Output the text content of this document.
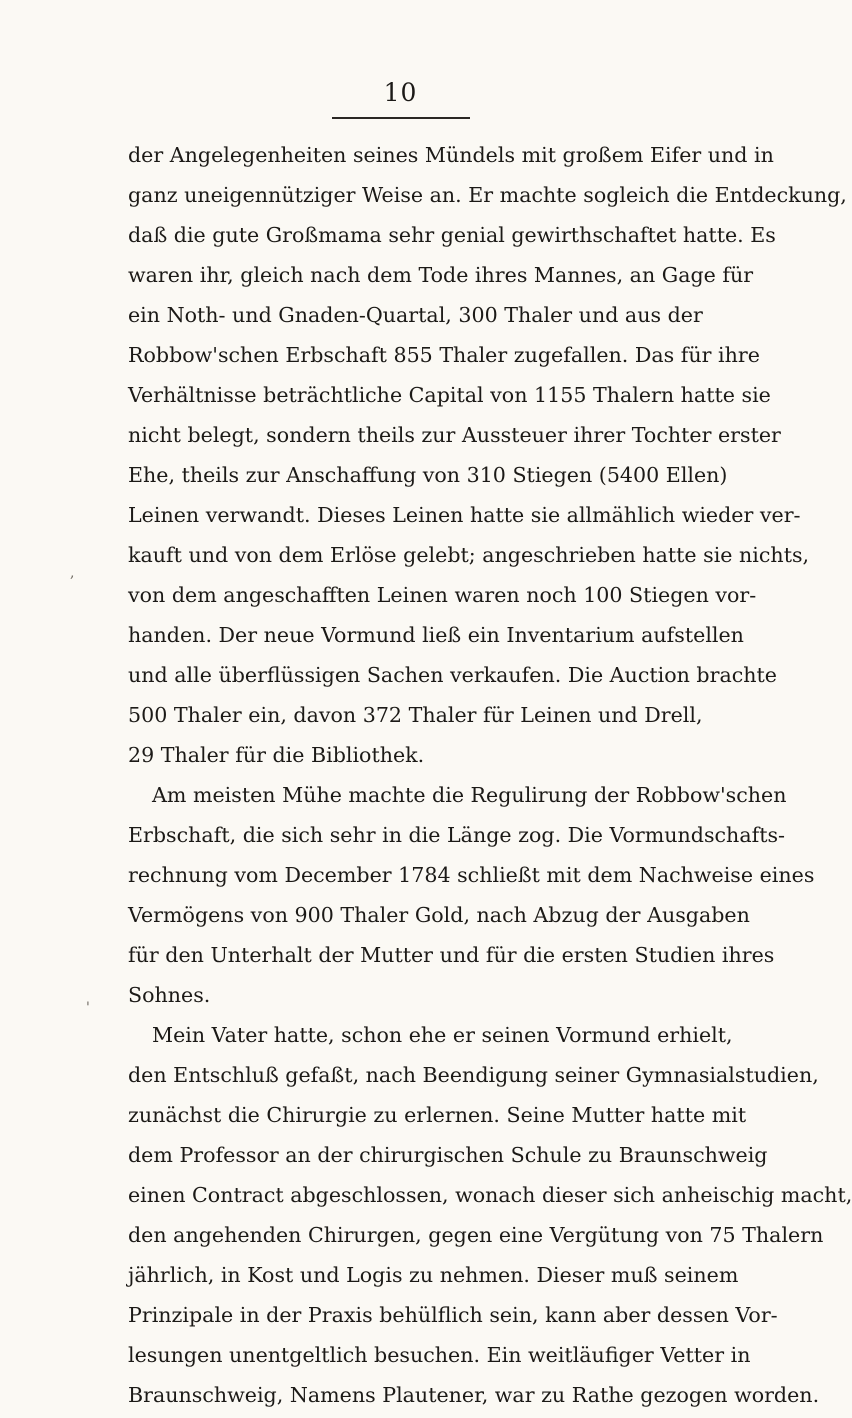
10
,
'
der Angelegenheiten seines Mündels mit großem Eifer und in
ganz uneigennütziger Weise an. Er machte sogleich die Entdeckung,
daß die gute Großmama sehr genial gewirthschaftet hatte. Es
waren ihr, gleich nach dem Tode ihres Mannes, an Gage für
ein Noth- und Gnaden-Quartal, 300 Thaler und aus der
Robbow'schen Erbschaft 855 Thaler zugefallen. Das für ihre
Verhältnisse beträchtliche Capital von 1155 Thalern hatte sie
nicht belegt, sondern theils zur Aussteuer ihrer Tochter erster
Ehe, theils zur Anschaffung von 310 Stiegen (5400 Ellen)
Leinen verwandt. Dieses Leinen hatte sie allmählich wieder ver-
kauft und von dem Erlöse gelebt; angeschrieben hatte sie nichts,
von dem angeschafften Leinen waren noch 100 Stiegen vor-
handen. Der neue Vormund ließ ein Inventarium aufstellen
und alle überflüssigen Sachen verkaufen. Die Auction brachte
500 Thaler ein, davon 372 Thaler für Leinen und Drell,
29 Thaler für die Bibliothek.
Am meisten Mühe machte die Regulirung der Robbow'schen
Erbschaft, die sich sehr in die Länge zog. Die Vormundschafts-
rechnung vom December 1784 schließt mit dem Nachweise eines
Vermögens von 900 Thaler Gold, nach Abzug der Ausgaben
für den Unterhalt der Mutter und für die ersten Studien ihres
Sohnes.
Mein Vater hatte, schon ehe er seinen Vormund erhielt,
den Entschluß gefaßt, nach Beendigung seiner Gymnasialstudien,
zunächst die Chirurgie zu erlernen. Seine Mutter hatte mit
dem Professor an der chirurgischen Schule zu Braunschweig
einen Contract abgeschlossen, wonach dieser sich anheischig macht,
den angehenden Chirurgen, gegen eine Vergütung von 75 Thalern
jährlich, in Kost und Logis zu nehmen. Dieser muß seinem
Prinzipale in der Praxis behülflich sein, kann aber dessen Vor-
lesungen unentgeltlich besuchen. Ein weitläufiger Vetter in
Braunschweig, Namens Plautener, war zu Rathe gezogen worden.
